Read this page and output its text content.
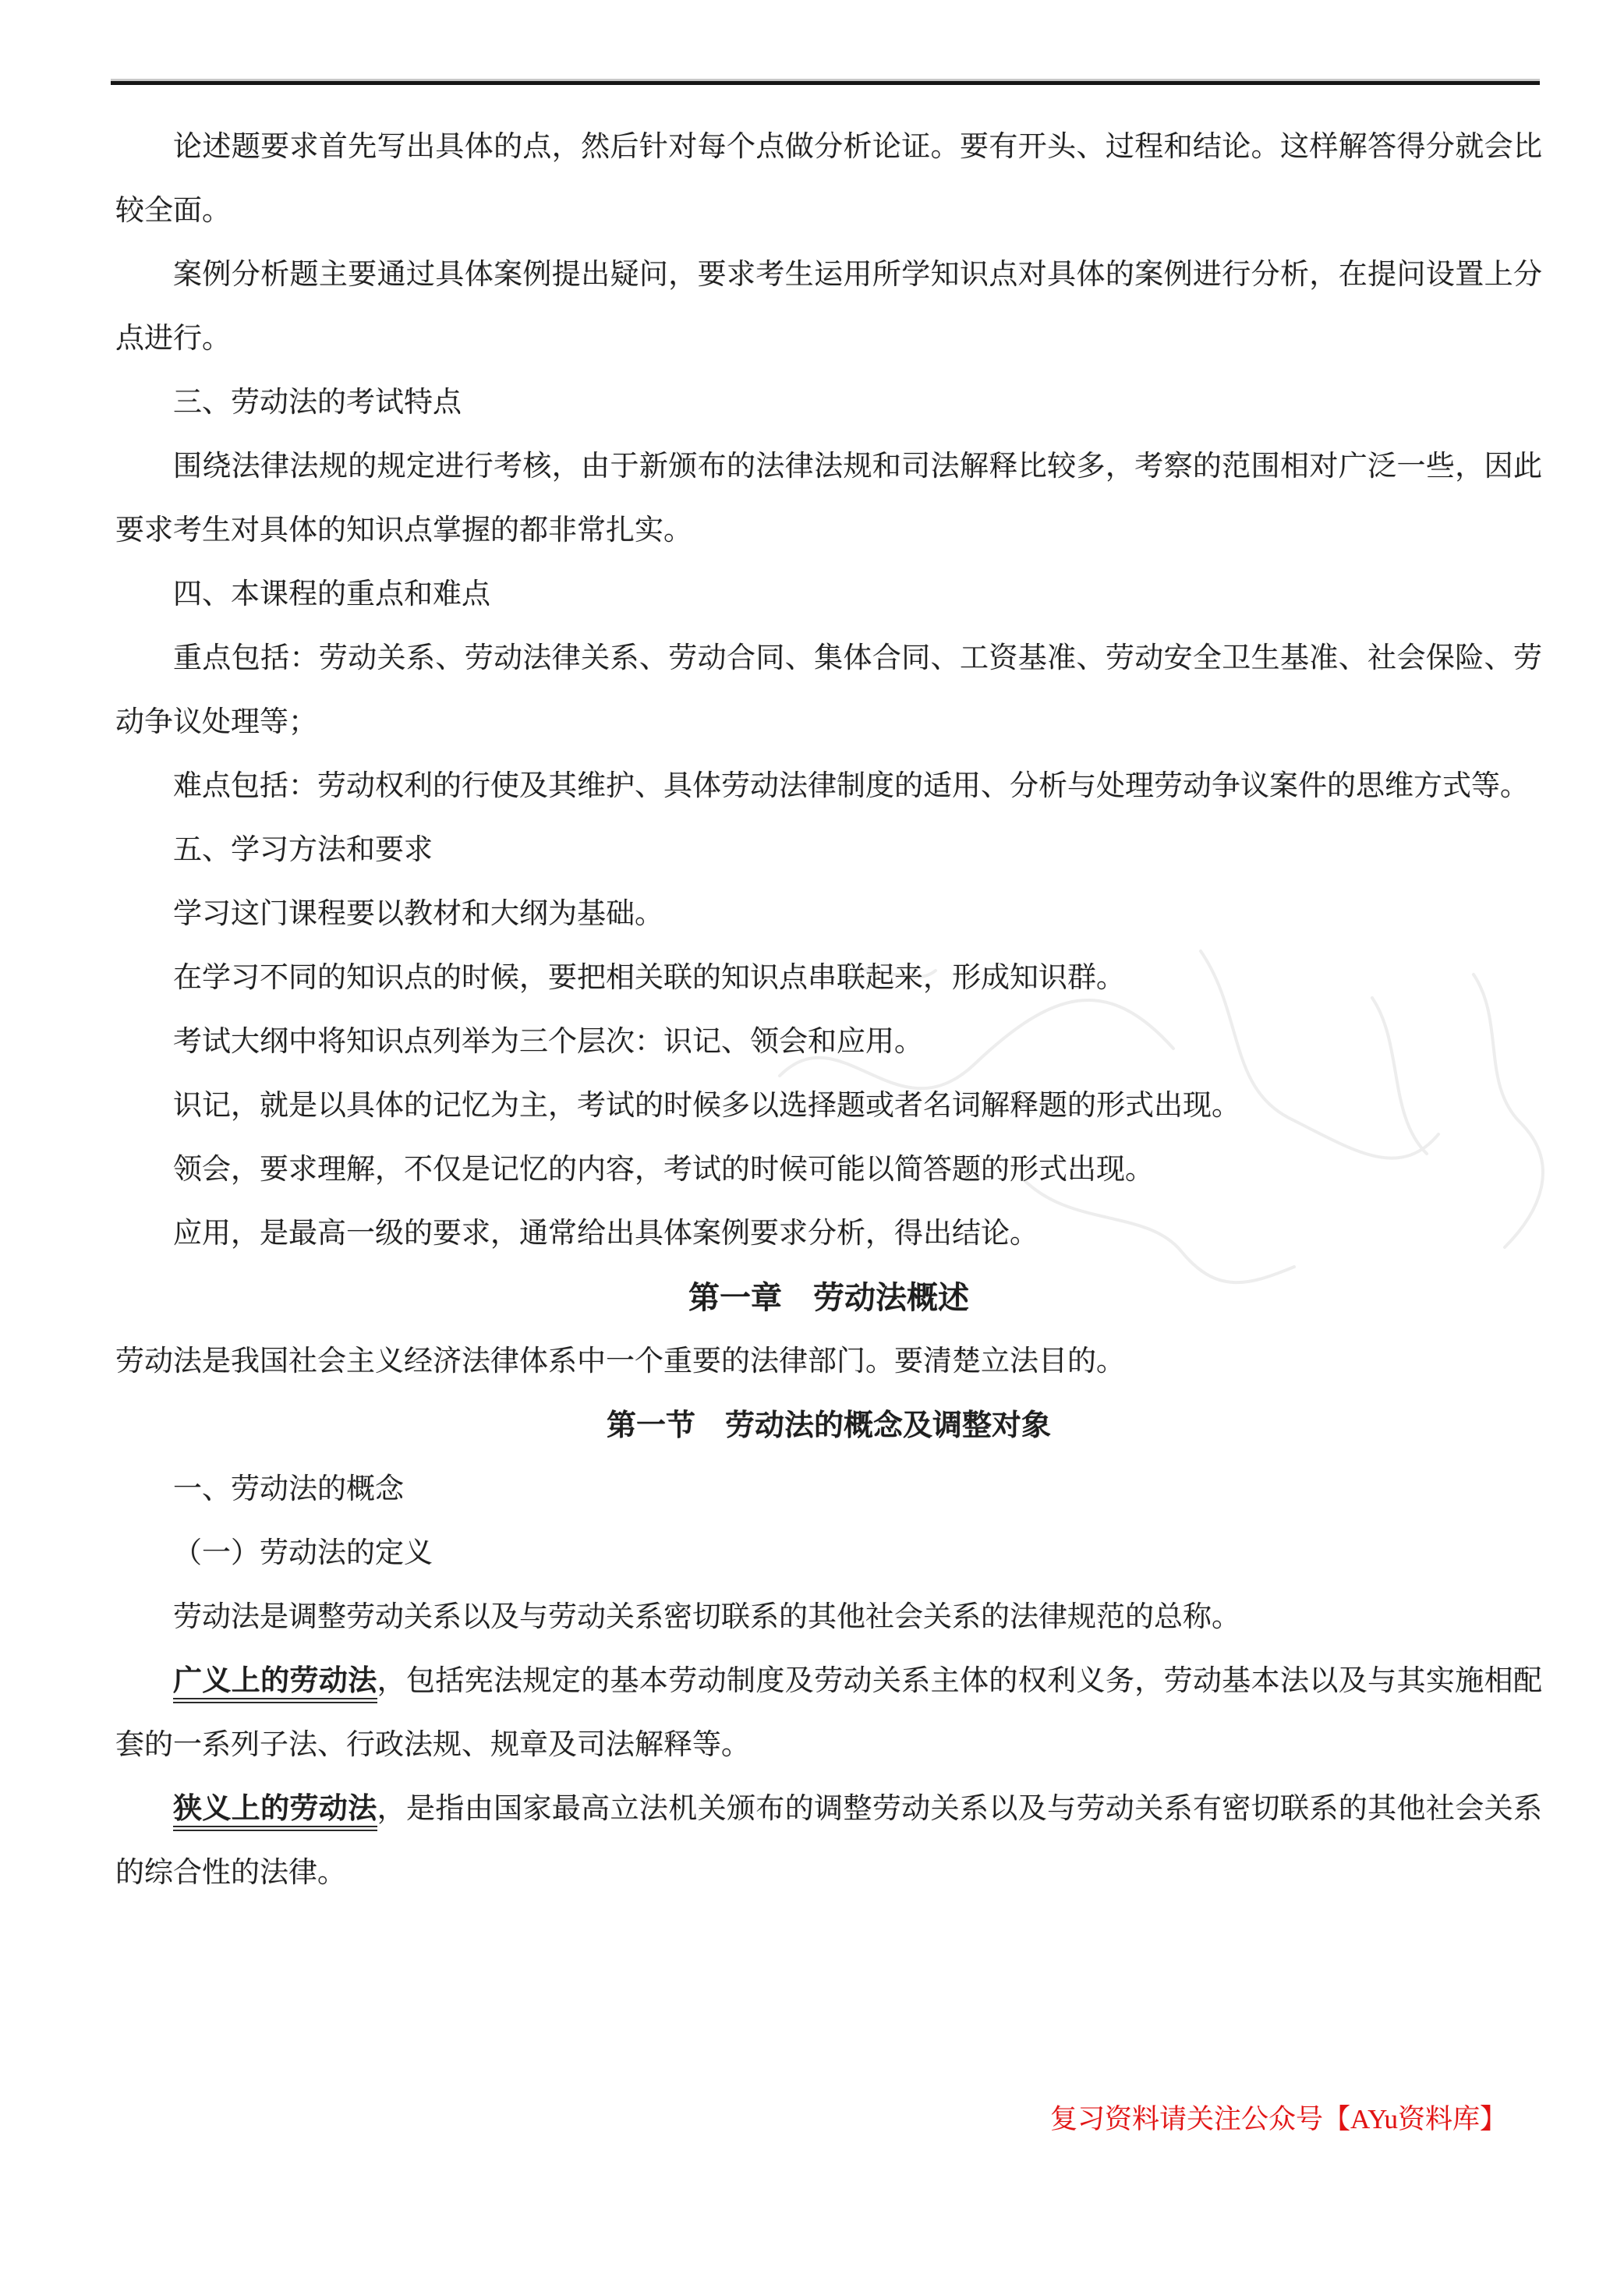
论述题要求首先写出具体的点，然后针对每个点做分析论证。要有开头、过程和结论。这样解答得分就会比较全面。

案例分析题主要通过具体案例提出疑问，要求考生运用所学知识点对具体的案例进行分析，在提问设置上分点进行。

三、劳动法的考试特点

围绕法律法规的规定进行考核，由于新颁布的法律法规和司法解释比较多，考察的范围相对广泛一些，因此要求考生对具体的知识点掌握的都非常扎实。

四、本课程的重点和难点

重点包括：劳动关系、劳动法律关系、劳动合同、集体合同、工资基准、劳动安全卫生基准、社会保险、劳动争议处理等；

难点包括：劳动权利的行使及其维护、具体劳动法律制度的适用、分析与处理劳动争议案件的思维方式等。

五、学习方法和要求

学习这门课程要以教材和大纲为基础。

在学习不同的知识点的时候，要把相关联的知识点串联起来，形成知识群。

考试大纲中将知识点列举为三个层次：识记、领会和应用。

识记，就是以具体的记忆为主，考试的时候多以选择题或者名词解释题的形式出现。

领会，要求理解，不仅是记忆的内容，考试的时候可能以简答题的形式出现。

应用，是最高一级的要求，通常给出具体案例要求分析，得出结论。

第一章　劳动法概述

劳动法是我国社会主义经济法律体系中一个重要的法律部门。要清楚立法目的。

第一节　劳动法的概念及调整对象

一、劳动法的概念

（一）劳动法的定义

劳动法是调整劳动关系以及与劳动关系密切联系的其他社会关系的法律规范的总称。

广义上的劳动法，包括宪法规定的基本劳动制度及劳动关系主体的权利义务，劳动基本法以及与其实施相配套的一系列子法、行政法规、规章及司法解释等。

狭义上的劳动法，是指由国家最高立法机关颁布的调整劳动关系以及与劳动关系有密切联系的其他社会关系的综合性的法律。

复习资料请关注公众号【AYu资料库】
